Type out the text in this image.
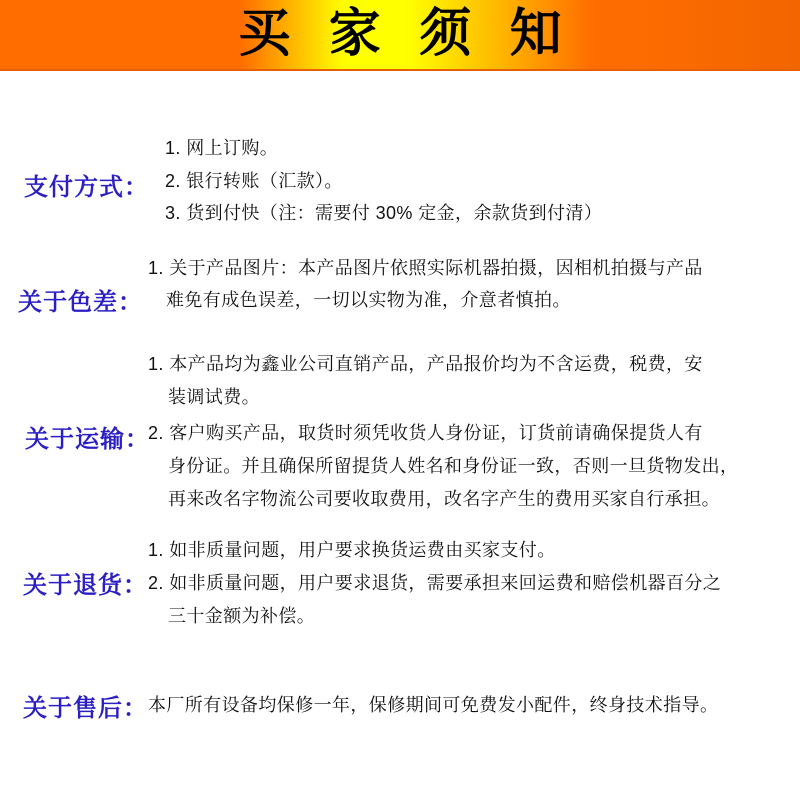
买 家 须 知
支付方式：
关于色差：
关于运输：
关于退货：
关于售后：
1. 网上订购。
2. 银行转账（汇款）。
3. 货到付快（注：需要付 30% 定金，余款货到付清）
1. 关于产品图片：本产品图片依照实际机器拍摄，因相机拍摄与产品
难免有成色误差，一切以实物为准，介意者慎拍。
1. 本产品均为鑫业公司直销产品，产品报价均为不含运费，税费，安
装调试费。
2. 客户购买产品，取货时须凭收货人身份证，订货前请确保提货人有
身份证。并且确保所留提货人姓名和身份证一致，否则一旦货物发出，
再来改名字物流公司要收取费用，改名字产生的费用买家自行承担。
1. 如非质量问题，用户要求换货运费由买家支付。
2. 如非质量问题，用户要求退货，需要承担来回运费和赔偿机器百分之
三十金额为补偿。
本厂所有设备均保修一年，保修期间可免费发小配件，终身技术指导。
